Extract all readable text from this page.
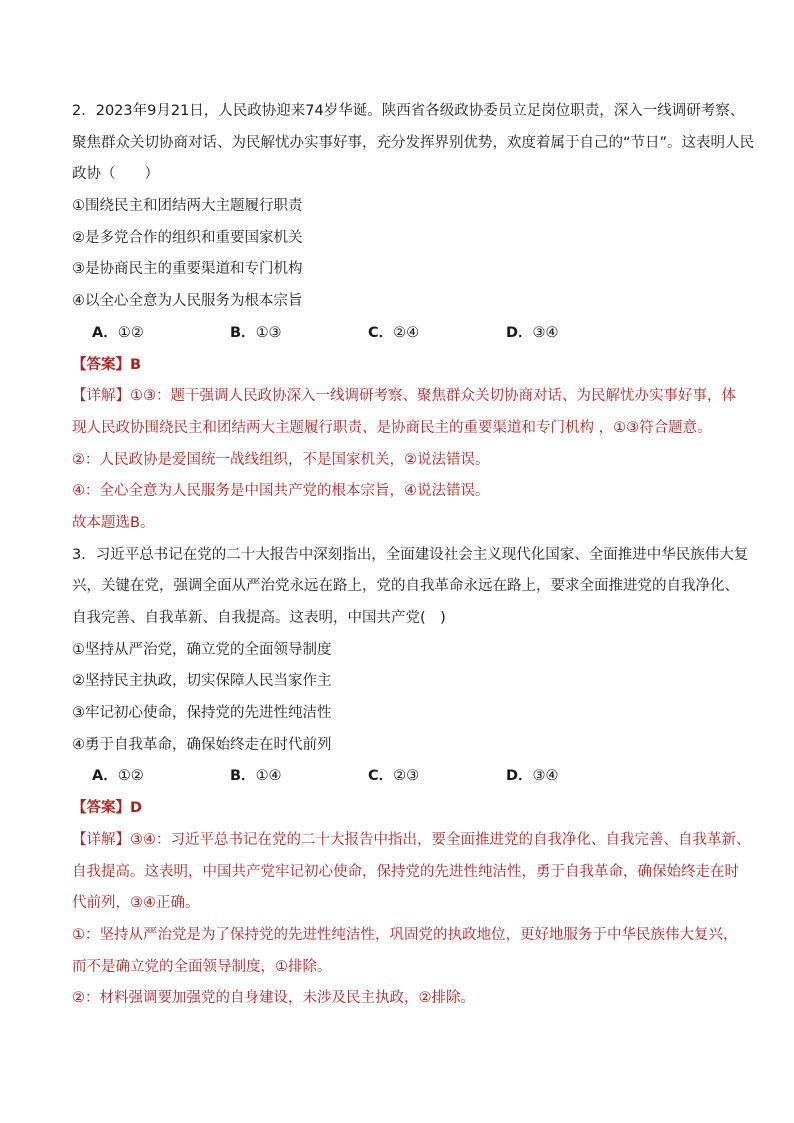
2．2023年9月21日，人民政协迎来74岁华诞。陕西省各级政协委员立足岗位职责，深入一线调研考察、
聚焦群众关切协商对话、为民解忧办实事好事，充分发挥界别优势，欢度着属于自己的“节日”。这表明人民
政协（　　）
①围绕民主和团结两大主题履行职责
②是多党合作的组织和重要国家机关
③是协商民主的重要渠道和专门机构
④以全心全意为人民服务为根本宗旨
A．①②	B．①③	C．②④	D．③④
【答案】B
【详解】①③：题干强调人民政协深入一线调研考察、聚焦群众关切协商对话、为民解忧办实事好事，体
现人民政协围绕民主和团结两大主题履行职责、是协商民主的重要渠道和专门机构 ，①③符合题意。
②：人民政协是爱国统一战线组织，不是国家机关，②说法错误。
④：全心全意为人民服务是中国共产党的根本宗旨，④说法错误。
故本题选B。
3．习近平总书记在党的二十大报告中深刻指出，全面建设社会主义现代化国家、全面推进中华民族伟大复
兴，关键在党，强调全面从严治党永远在路上，党的自我革命永远在路上，要求全面推进党的自我净化、
自我完善、自我革新、自我提高。这表明，中国共产党(　)
①坚持从严治党，确立党的全面领导制度
②坚持民主执政，切实保障人民当家作主
③牢记初心使命，保持党的先进性纯洁性
④勇于自我革命，确保始终走在时代前列
A．①②	B．①④	C．②③	D．③④
【答案】D
【详解】③④：习近平总书记在党的二十大报告中指出，要全面推进党的自我净化、自我完善、自我革新、
自我提高。这表明，中国共产党牢记初心使命，保持党的先进性纯洁性，勇于自我革命，确保始终走在时
代前列，③④正确。
①：坚持从严治党是为了保持党的先进性纯洁性，巩固党的执政地位，更好地服务于中华民族伟大复兴，
而不是确立党的全面领导制度，①排除。
②：材料强调要加强党的自身建设，未涉及民主执政，②排除。
